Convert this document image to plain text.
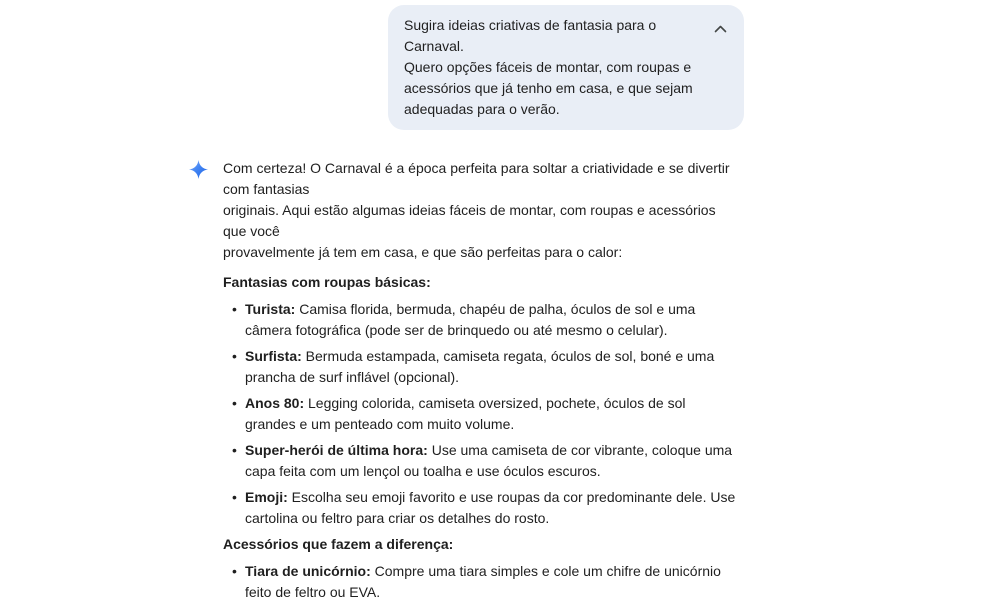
Sugira ideias criativas de fantasia para o Carnaval.
Quero opções fáceis de montar, com roupas e
acessórios que já tenho em casa, e que sejam
adequadas para o verão.
Com certeza! O Carnaval é a época perfeita para soltar a criatividade e se divertir com fantasias
originais. Aqui estão algumas ideias fáceis de montar, com roupas e acessórios que você
provavelmente já tem em casa, e que são perfeitas para o calor:
Fantasias com roupas básicas:
• Turista: Camisa florida, bermuda, chapéu de palha, óculos de sol e uma câmera fotográfica (pode ser de brinquedo ou até mesmo o celular).
• Surfista: Bermuda estampada, camiseta regata, óculos de sol, boné e uma prancha de surf inflável (opcional).
• Anos 80: Legging colorida, camiseta oversized, pochete, óculos de sol grandes e um penteado com muito volume.
• Super-herói de última hora: Use uma camiseta de cor vibrante, coloque uma capa feita com um lençol ou toalha e use óculos escuros.
• Emoji: Escolha seu emoji favorito e use roupas da cor predominante dele. Use cartolina ou feltro para criar os detalhes do rosto.
Acessórios que fazem a diferença:
• Tiara de unicórnio: Compre uma tiara simples e cole um chifre de unicórnio feito de feltro ou EVA.
